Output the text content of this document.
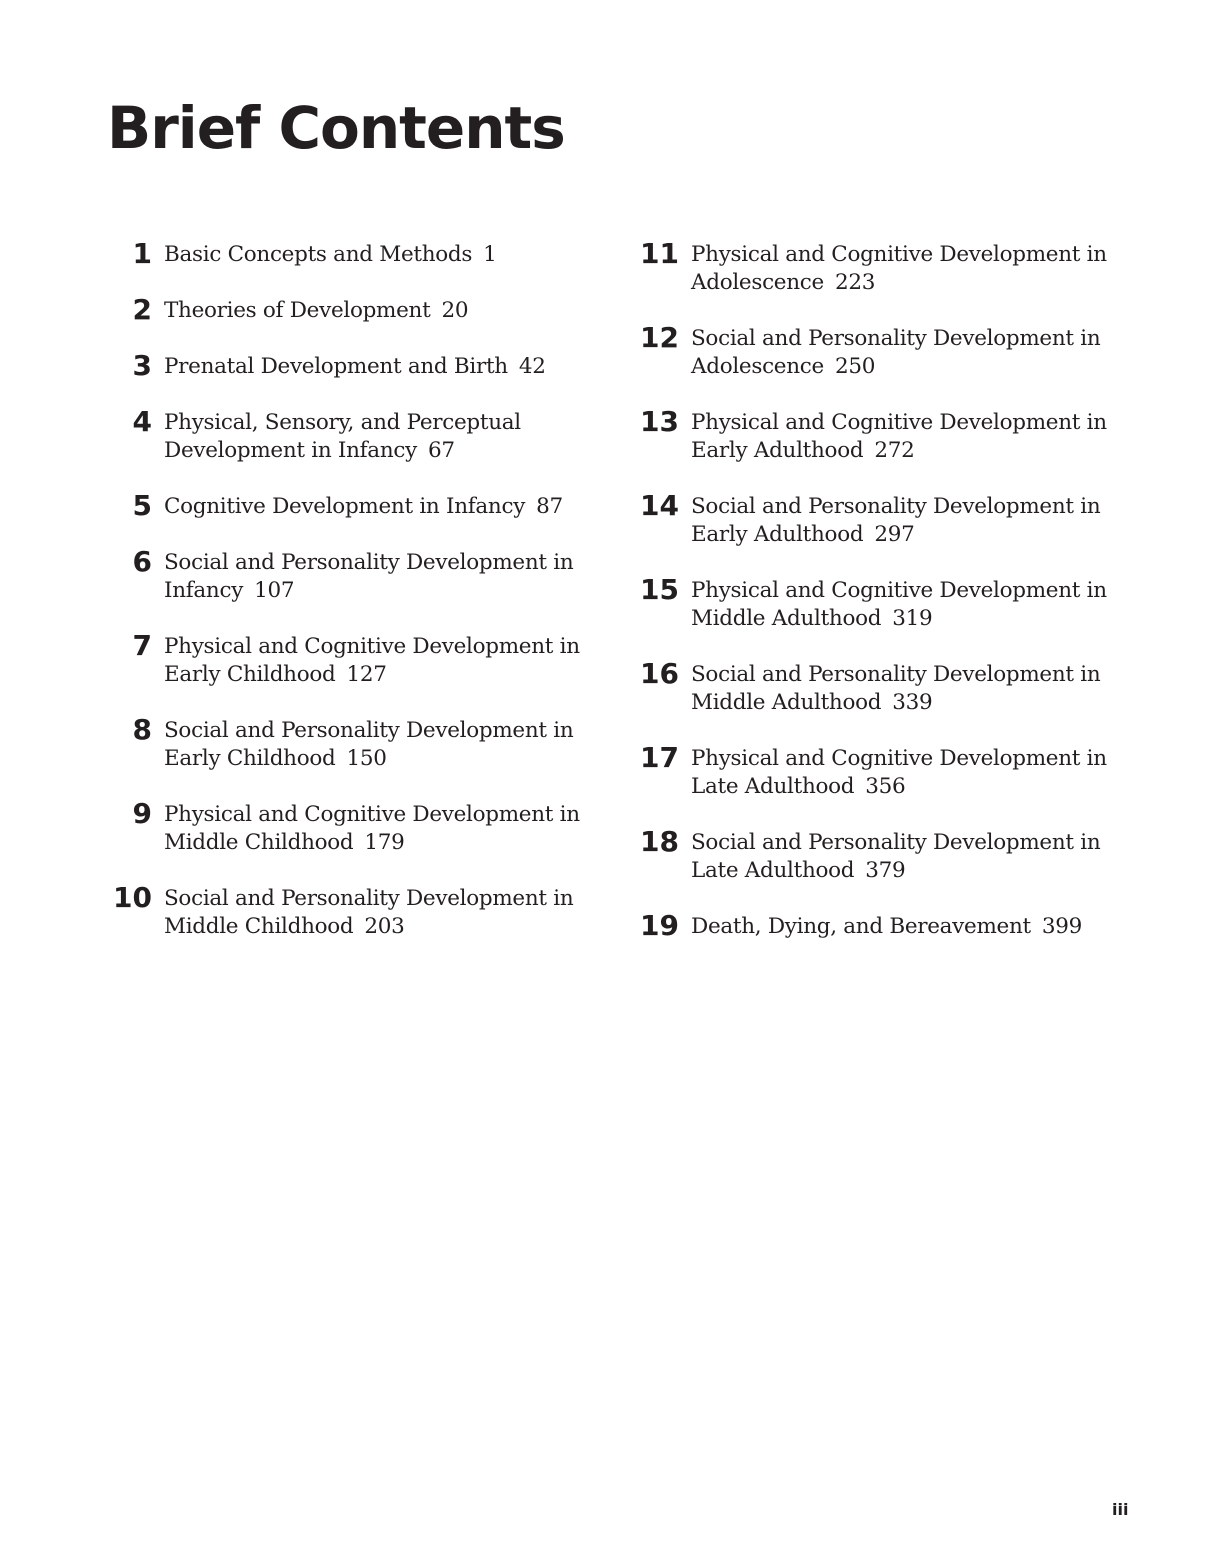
Brief Contents
1 Basic Concepts and Methods 1
2 Theories of Development 20
3 Prenatal Development and Birth 42
4 Physical, Sensory, and Perceptual
Development in Infancy 67
5 Cognitive Development in Infancy 87
6 Social and Personality Development in
Infancy 107
7 Physical and Cognitive Development in
Early Childhood 127
8 Social and Personality Development in
Early Childhood 150
9 Physical and Cognitive Development in
Middle Childhood 179
10 Social and Personality Development in
Middle Childhood 203
11 Physical and Cognitive Development in
Adolescence 223
12 Social and Personality Development in
Adolescence 250
13 Physical and Cognitive Development in
Early Adulthood 272
14 Social and Personality Development in
Early Adulthood 297
15 Physical and Cognitive Development in
Middle Adulthood 319
16 Social and Personality Development in
Middle Adulthood 339
17 Physical and Cognitive Development in
Late Adulthood 356
18 Social and Personality Development in
Late Adulthood 379
19 Death, Dying, and Bereavement 399
iii
